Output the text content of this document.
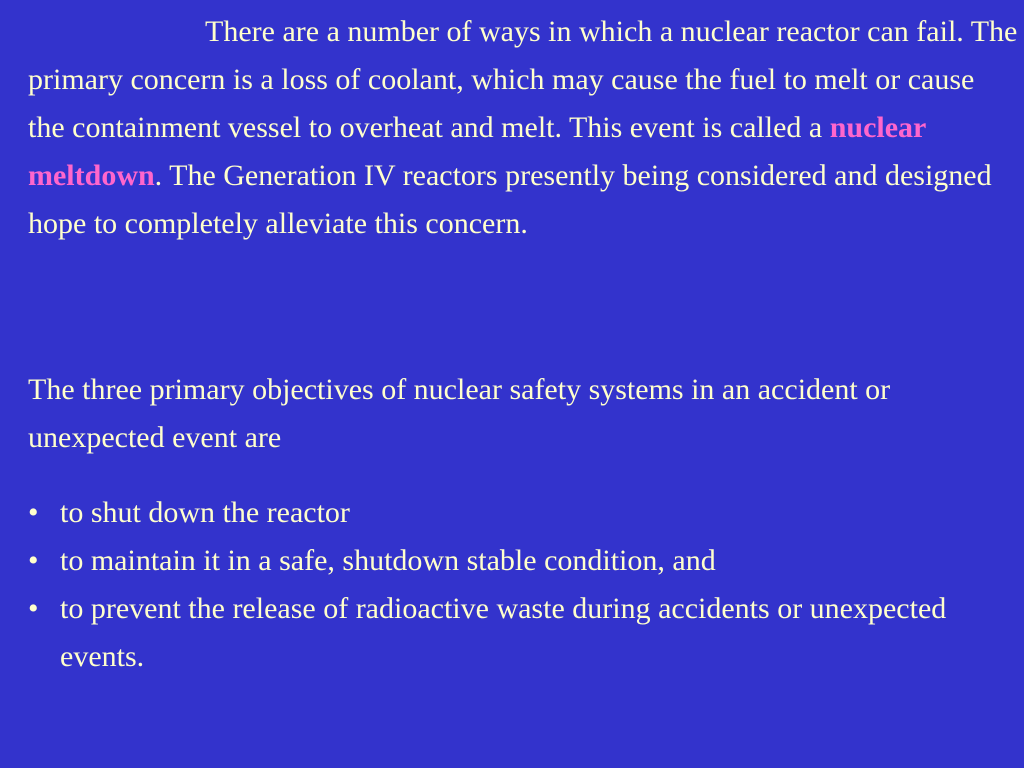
There are a number of ways in which a nuclear reactor can fail. The primary concern is a loss of coolant, which may cause the fuel to melt or cause the containment vessel to overheat and melt. This event is called a nuclear meltdown. The Generation IV reactors presently being considered and designed hope to completely alleviate this concern.

The three primary objectives of nuclear safety systems in an accident or unexpected event are

• to shut down the reactor
• to maintain it in a safe, shutdown stable condition, and
• to prevent the release of radioactive waste during accidents or unexpected events.
